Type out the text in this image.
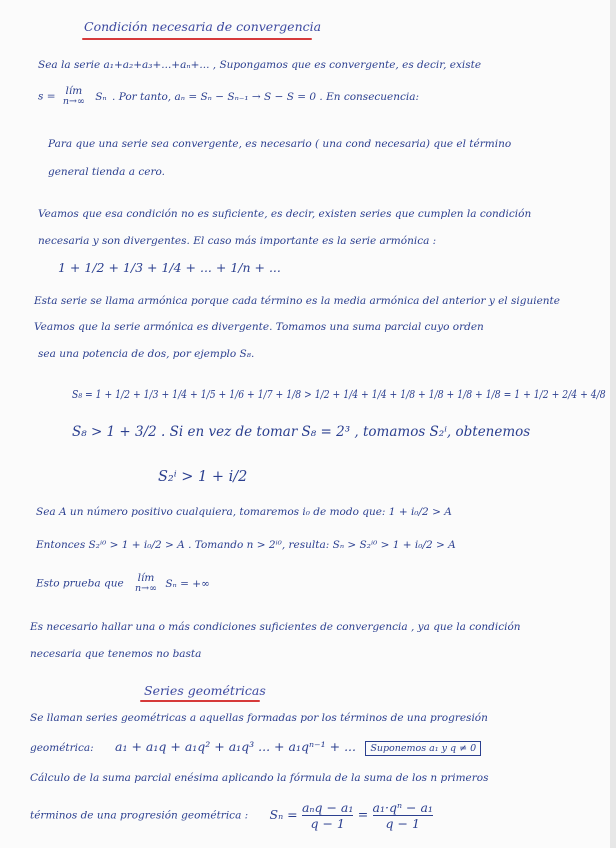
Condición necesaria de convergencia
Sea la serie a₁+a₂+a₃+...+aₙ+... , Supongamos que es convergente, es decir, existe
s = lím
n→∞ Sₙ . Por tanto, aₙ = Sₙ − Sₙ₋₁ → S − S = 0 . En consecuencia:
Para que una serie sea convergente, es necesario ( una cond necesaria) que el término
general tienda a cero.
Veamos que esa condición no es suficiente, es decir, existen series que cumplen la condición
necesaria y son divergentes. El caso más importante es la serie armónica :
1 + 1/2 + 1/3 + 1/4 + ... + 1/n + ...
Esta serie se llama armónica porque cada término es la media armónica del anterior y el siguiente
Veamos que la serie armónica es divergente. Tomamos una suma parcial cuyo orden
sea una potencia de dos, por ejemplo S₈.
S₈ = 1 + 1/2 + 1/3 + 1/4 + 1/5 + 1/6 + 1/7 + 1/8 > 1/2 + 1/4 + 1/4 + 1/8 + 1/8 + 1/8 + 1/8 = 1 + 1/2 + 2/4 + 4/8
S₈ > 1 + 3/2 . Si en vez de tomar S₈ = 2³ , tomamos S₂ⁱ, obtenemos
S₂ⁱ > 1 + i/2
Sea A un número positivo cualquiera, tomaremos i₀ de modo que: 1 + i₀/2 > A
Entonces S₂ⁱ⁰ > 1 + i₀/2 > A . Tomando n > 2ⁱ⁰, resulta: Sₙ > S₂ⁱ⁰ > 1 + i₀/2 > A
Esto prueba que lím
n→∞ Sₙ = +∞
Es necesario hallar una o más condiciones suficientes de convergencia , ya que la condición
necesaria que tenemos no basta
Series geométricas
Se llaman series geométricas a aquellas formadas por los términos de una progresión
geométrica: a₁ + a₁q + a₁q² + a₁q³ ... + a₁qⁿ⁻¹ + ... Suponemos a₁ y q ≠ 0
Cálculo de la suma parcial enésima aplicando la fórmula de la suma de los n primeros
términos de una progresión geométrica : $S_n = \frac{\text{aₙq − a₁}}{q - 1} = \frac{\text{a₁·qⁿ − a₁}}{q - 1}$
